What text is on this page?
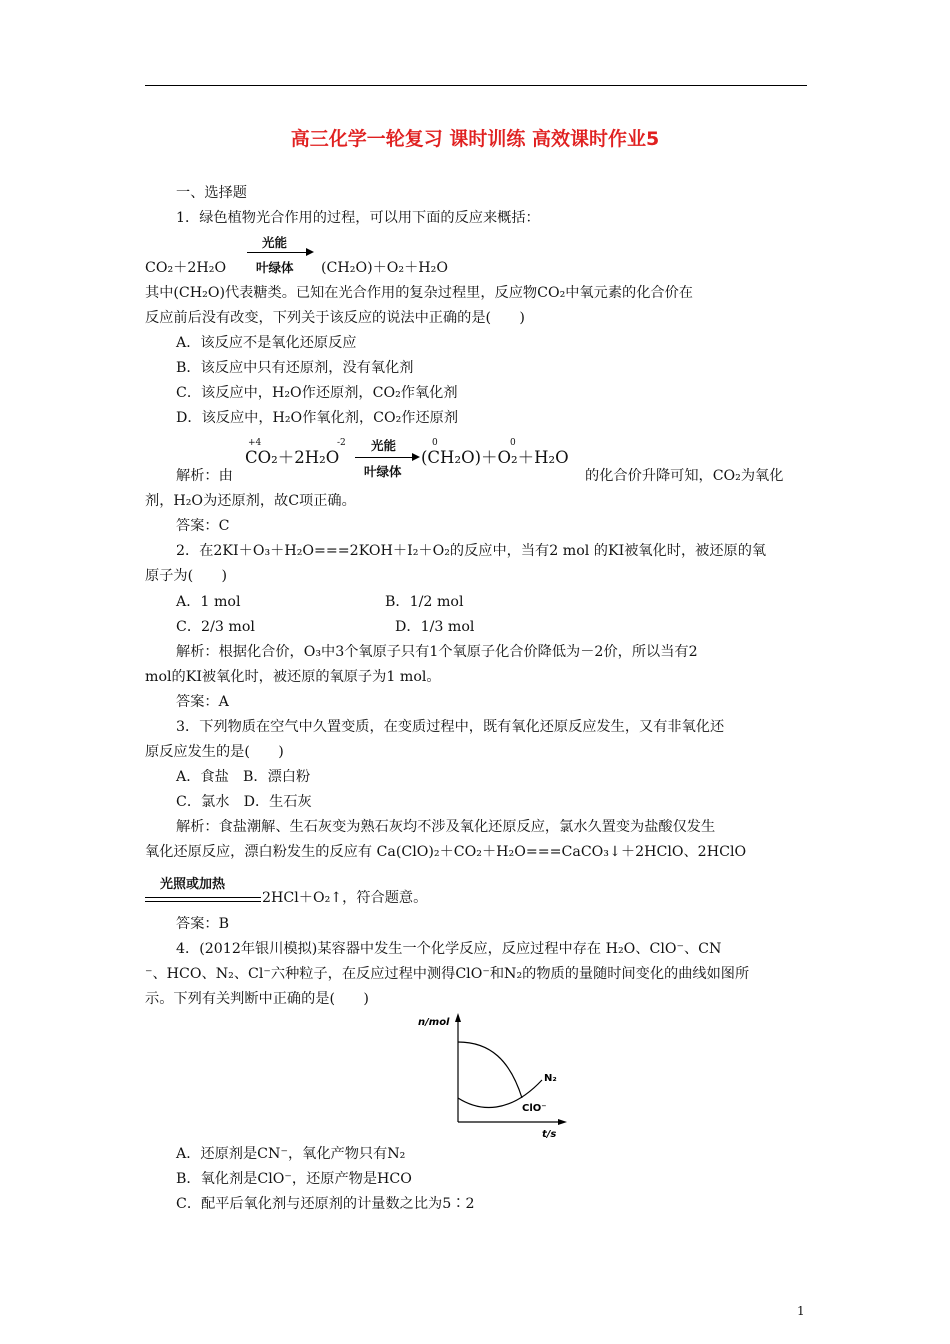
高三化学一轮复习 课时训练 高效课时作业5
一、选择题
1．绿色植物光合作用的过程，可以用下面的反应来概括：
光能
CO₂＋2H₂O 叶绿体 (CH₂O)＋O₂＋H₂O
其中(CH₂O)代表糖类。已知在光合作用的复杂过程里，反应物CO₂中氧元素的化合价在
反应前后没有改变，下列关于该反应的说法中正确的是(　　)
A．该反应不是氧化还原反应
B．该反应中只有还原剂，没有氧化剂
C．该反应中，H₂O作还原剂，CO₂作氧化剂
D．该反应中，H₂O作氧化剂，CO₂作还原剂
+4	-2
CO₂＋2H₂O
光能
叶绿体
0	0
(CH₂O)＋O₂＋H₂O
解析：由	的化合价升降可知，CO₂为氧化
剂，H₂O为还原剂，故C项正确。
答案：C
2．在2KI＋O₃＋H₂O===2KOH＋I₂＋O₂的反应中，当有2 mol 的KI被氧化时，被还原的氧
原子为(　　)
A．1 mol	B．1/2 mol
C．2/3 mol	D．1/3 mol
解析：根据化合价，O₃中3个氧原子只有1个氧原子化合价降低为－2价，所以当有2
mol的KI被氧化时，被还原的氧原子为1 mol。
答案：A
3．下列物质在空气中久置变质，在变质过程中，既有氧化还原反应发生，又有非氧化还
原反应发生的是(　　)
A．食盐　B．漂白粉
C．氯水　D．生石灰
解析：食盐潮解、生石灰变为熟石灰均不涉及氧化还原反应，氯水久置变为盐酸仅发生
氧化还原反应，漂白粉发生的反应有 Ca(ClO)₂＋CO₂＋H₂O===CaCO₃↓＋2HClO、2HClO
光照或加热
2HCl＋O₂↑，符合题意。
答案：B
4．(2012年银川模拟)某容器中发生一个化学反应，反应过程中存在 H₂O、ClO⁻、CN
⁻、HCO、N₂、Cl⁻六种粒子，在反应过程中测得ClO⁻和N₂的物质的量随时间变化的曲线如图所
示。下列有关判断中正确的是(　　)
n/mol
t/s
N₂
ClO⁻
A．还原剂是CN⁻，氧化产物只有N₂
B．氧化剂是ClO⁻，还原产物是HCO
C．配平后氧化剂与还原剂的计量数之比为5∶2
1
